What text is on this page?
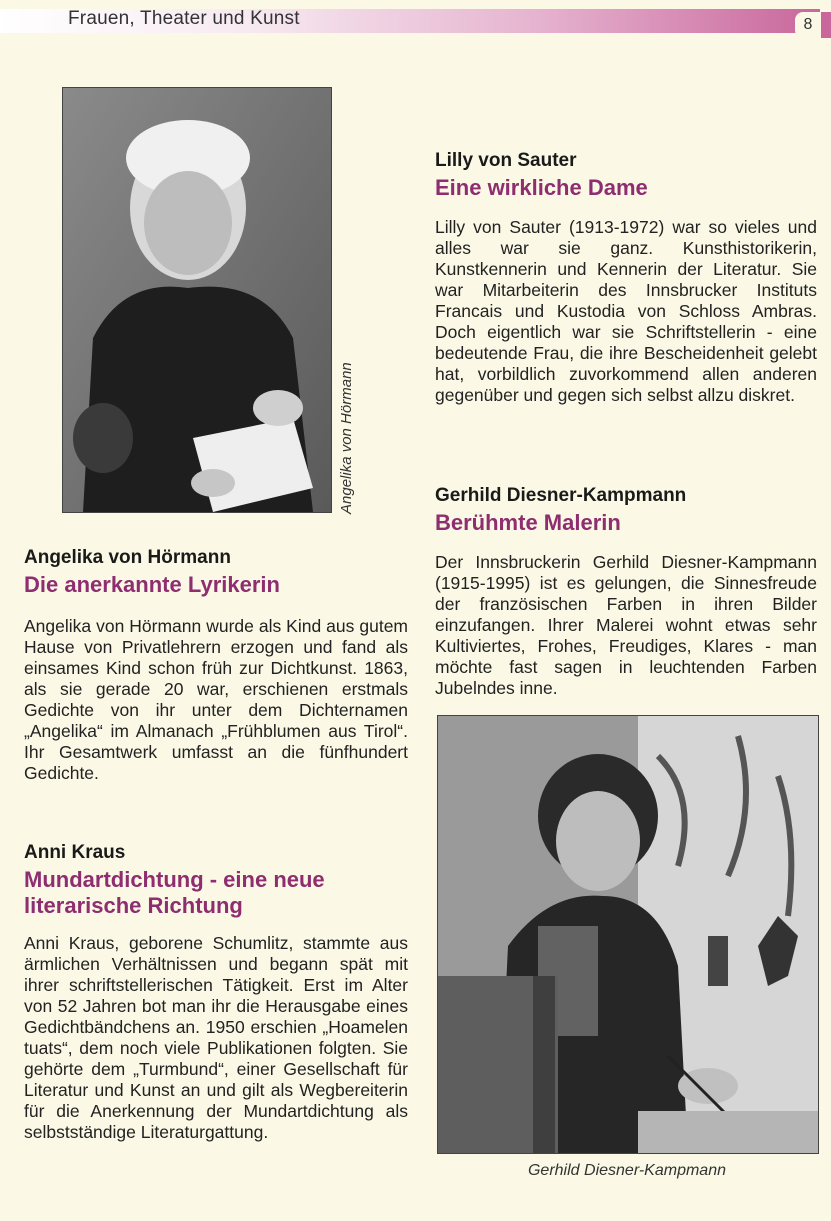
Frauen, Theater und Kunst	8
Angelika von Hörmann
Gerhild Diesner-Kampmann

Lilly von Sauter

Eine wirkliche Dame

Lilly von Sauter (1913-1972) war so vieles und alles war sie ganz. Kunsthistorikerin, Kunstkennerin und Kennerin der Literatur. Sie war Mitarbeiterin des Innsbrucker Instituts Francais und Kustodia von Schloss Ambras. Doch eigentlich war sie Schriftstellerin - eine bedeutende Frau, die ihre Bescheidenheit gelebt hat, vorbildlich zuvorkommend allen anderen gegenüber und gegen sich selbst allzu diskret.

Gerhild Diesner-Kampmann

Berühmte Malerin

Der Innsbruckerin Gerhild Diesner-Kampmann (1915-1995) ist es gelungen, die Sinnesfreude der französischen Farben in ihren Bilder einzufangen. Ihrer Malerei wohnt etwas sehr Kultiviertes, Frohes, Freudiges, Klares - man möchte fast sagen in leuchtenden Farben Jubelndes inne.

Angelika von Hörmann

Die anerkannte Lyrikerin

Angelika von Hörmann wurde als Kind aus gutem Hause von Privatlehrern erzogen und fand als einsames Kind schon früh zur Dichtkunst. 1863, als sie gerade 20 war, erschienen erstmals Gedichte von ihr unter dem Dichternamen „Angelika“ im Almanach „Frühblumen aus Tirol“. Ihr Gesamtwerk umfasst an die fünfhundert Gedichte.

Anni Kraus

Mundartdichtung - eine neue literarische Richtung

Anni Kraus, geborene Schumlitz, stammte aus ärmlichen Verhältnissen und begann spät mit ihrer schriftstellerischen Tätigkeit. Erst im Alter von 52 Jahren bot man ihr die Herausgabe eines Gedichtbändchens an. 1950 erschien „Hoamelen tuats“, dem noch viele Publikationen folgten. Sie gehörte dem „Turmbund“, einer Gesellschaft für Literatur und Kunst an und gilt als Wegbereiterin für die Anerkennung der Mundartdichtung als selbstständige Literaturgattung.
